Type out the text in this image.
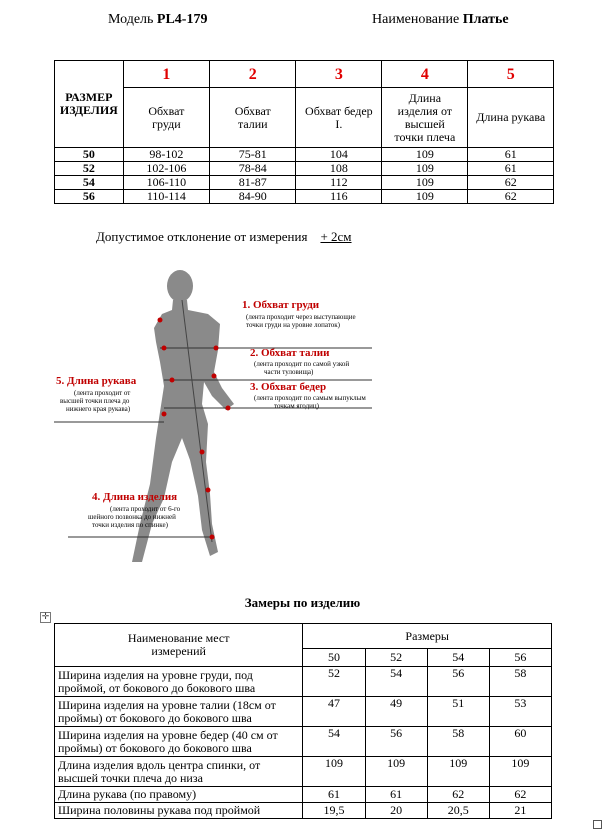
Модель PL4-179	Наименование Платье
РАЗМЕР ИЗДЕЛИЯ	1	2	3	4	5
	Обхват груди	Обхват талии	Обхват бедер I.	Длина изделия от высшей точки плеча	Длина рукава
50	98-102	75-81	104	109	61
52	102-106	78-84	108	109	61
54	106-110	81-87	112	109	62
56	110-114	84-90	116	109	62
Допустимое отклонение от измерения + 2см
1. Обхват груди
(лента проходит через выступающие
точки груди на уровне лопаток)
2. Обхват талии
(лента проходит по самой узкой
части туловища)
3. Обхват бедер
(лента проходит по самым выпуклым
точкам ягодиц)
4. Длина изделия
(лента проходит от 6-го
шейного позвонка до нижней
точки изделия по спинке)
5. Длина рукава
(лента проходит от
высшей точки плеча до
нижнего края рукава)
Замеры по изделию
✛
Наименование мест измерений	Размеры			
	50	52	54	56
Ширина изделия на уровне груди, под проймой, от бокового до бокового шва	52	54	56	58
Ширина изделия на уровне талии (18см от проймы) от бокового до бокового шва	47	49	51	53
Ширина изделия на уровне бедер (40 см от проймы) от бокового до бокового шва	54	56	58	60
Длина изделия вдоль центра спинки, от высшей точки плеча до низа	109	109	109	109
Длина рукава (по правому)	61	61	62	62
Ширина половины рукава под проймой	19,5	20	20,5	21
